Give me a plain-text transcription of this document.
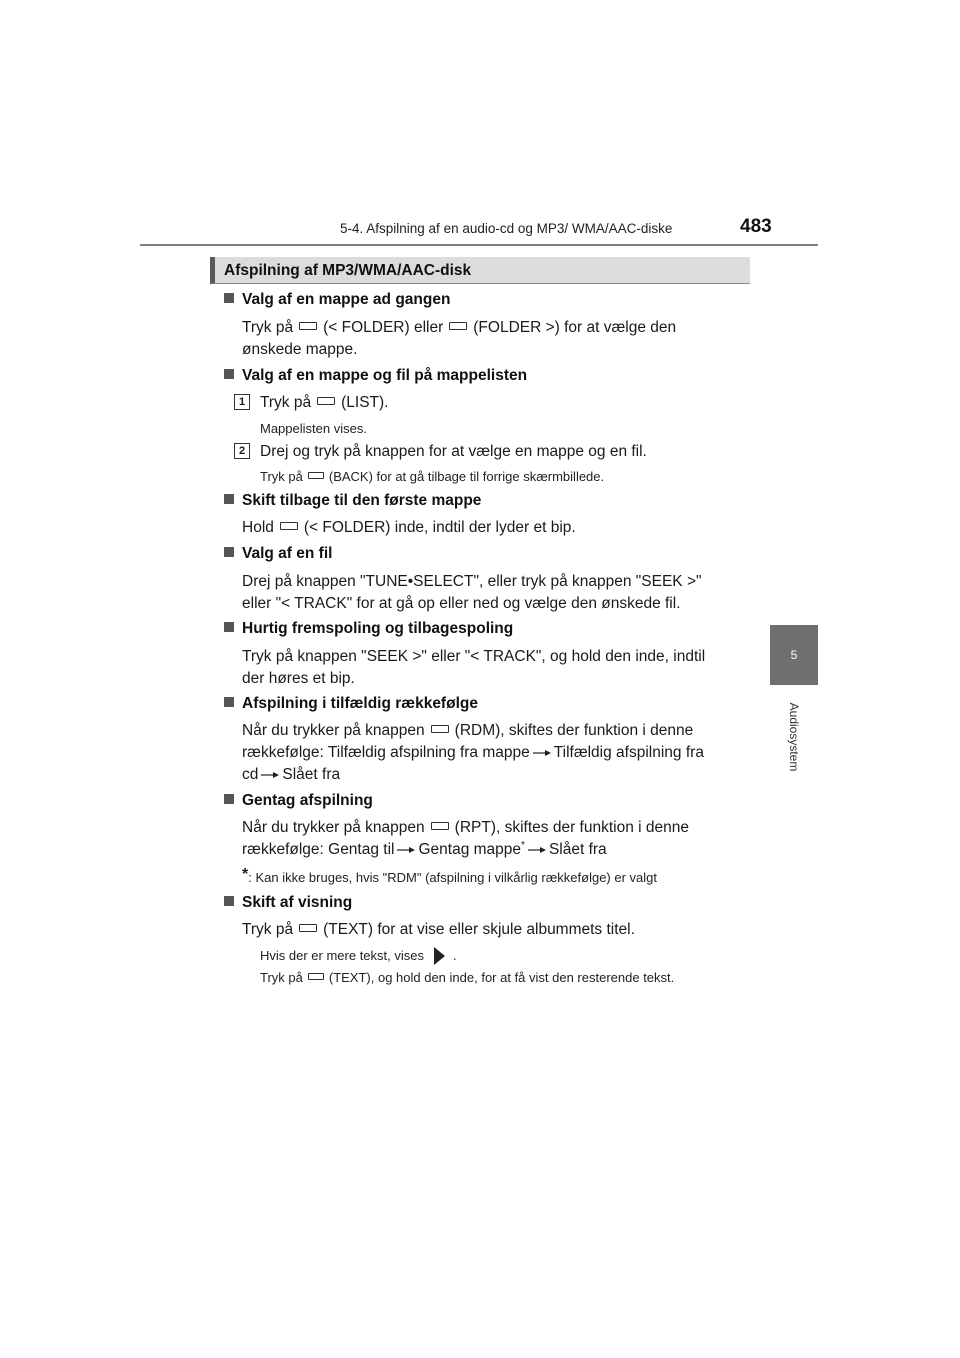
5-4. Afspilning af en audio-cd og MP3/ WMA/AAC-diske	483
5
Audiosystem
Afspilning af MP3/WMA/AAC-disk
Valg af en mappe ad gangen
Tryk på (< FOLDER) eller (FOLDER >) for at vælge den
ønskede mappe.
Valg af en mappe og fil på mappelisten
1 Tryk på (LIST).
Mappelisten vises.
2 Drej og tryk på knappen for at vælge en mappe og en fil.
Tryk på (BACK) for at gå tilbage til forrige skærmbillede.
Skift tilbage til den første mappe
Hold (< FOLDER) inde, indtil der lyder et bip.
Valg af en fil
Drej på knappen "TUNE•SELECT", eller tryk på knappen "SEEK >"
eller "< TRACK" for at gå op eller ned og vælge den ønskede fil.
Hurtig fremspoling og tilbagespoling
Tryk på knappen "SEEK >" eller "< TRACK", og hold den inde, indtil
der høres et bip.
Afspilning i tilfældig rækkefølge
Når du trykker på knappen (RDM), skiftes der funktion i denne
rækkefølge: Tilfældig afspilning fra mappe Tilfældig afspilning fra
cd Slået fra
Gentag afspilning
Når du trykker på knappen (RPT), skiftes der funktion i denne
rækkefølge: Gentag til Gentag mappe* Slået fra
*: Kan ikke bruges, hvis "RDM" (afspilning i vilkårlig rækkefølge) er valgt
Skift af visning
Tryk på (TEXT) for at vise eller skjule albummets titel.
Hvis der er mere tekst, vises .
Tryk på (TEXT), og hold den inde, for at få vist den resterende tekst.
